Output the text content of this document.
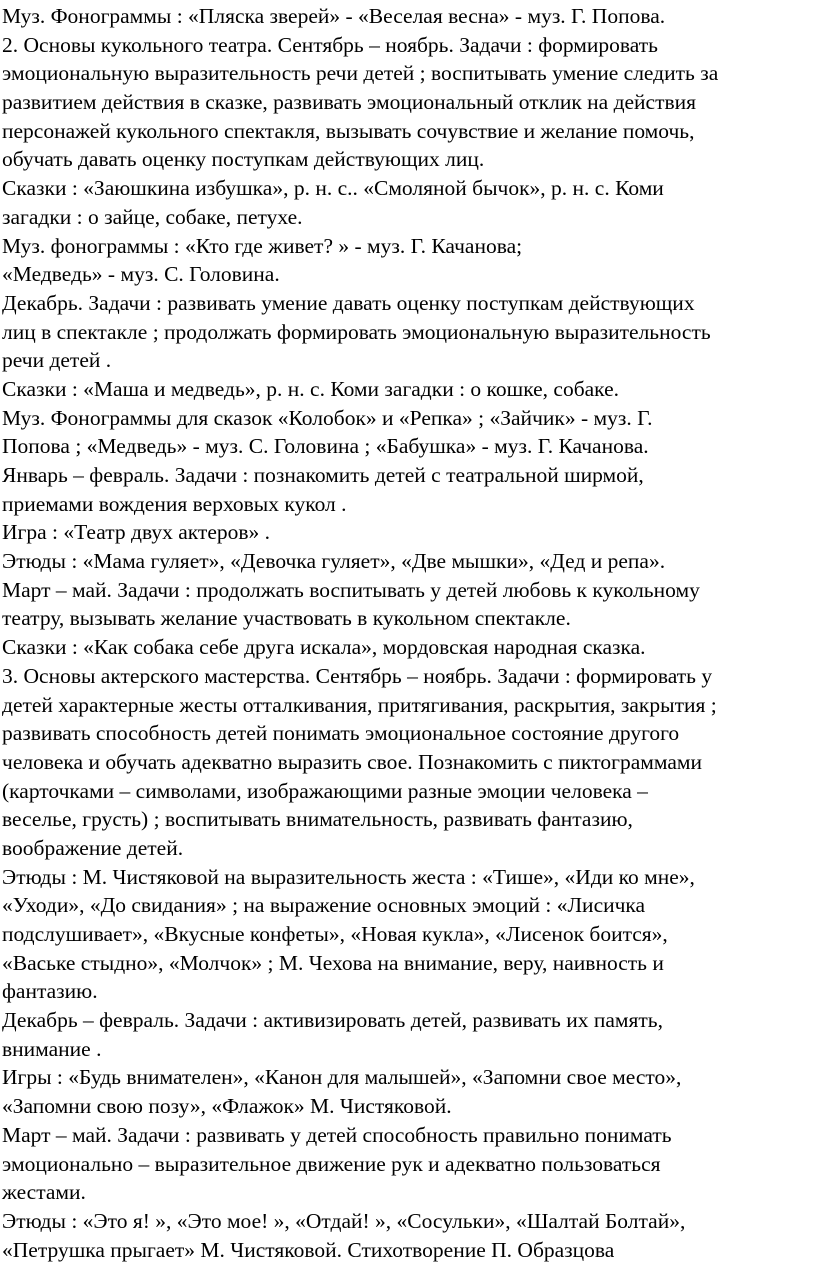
Муз. Фонограммы : «Пляска зверей» - «Веселая весна» - муз. Г. Попова.
2. Основы кукольного театра. Сентябрь – ноябрь. Задачи : формировать
эмоциональную выразительность речи детей ; воспитывать умение следить за
развитием действия в сказке, развивать эмоциональный отклик на действия
персонажей кукольного спектакля, вызывать сочувствие и желание помочь,
обучать давать оценку поступкам действующих лиц.
Сказки : «Заюшкина избушка», р. н. с.. «Смоляной бычок», р. н. с. Коми
загадки : о зайце, собаке, петухе.
Муз. фонограммы : «Кто где живет? » - муз. Г. Качанова;
«Медведь» - муз. С. Головина.
Декабрь. Задачи : развивать умение давать оценку поступкам действующих
лиц в спектакле ; продолжать формировать эмоциональную выразительность
речи детей .
Сказки : «Маша и медведь», р. н. с. Коми загадки : о кошке, собаке.
Муз. Фонограммы для сказок «Колобок» и «Репка» ; «Зайчик» - муз. Г.
Попова ; «Медведь» - муз. С. Головина ; «Бабушка» - муз. Г. Качанова.
Январь – февраль. Задачи : познакомить детей с театральной ширмой,
приемами вождения верховых кукол .
Игра : «Театр двух актеров» .
Этюды : «Мама гуляет», «Девочка гуляет», «Две мышки», «Дед и репа».
Март – май. Задачи : продолжать воспитывать у детей любовь к кукольному
театру, вызывать желание участвовать в кукольном спектакле.
Сказки : «Как собака себе друга искала», мордовская народная сказка.
3. Основы актерского мастерства. Сентябрь – ноябрь. Задачи : формировать у
детей характерные жесты отталкивания, притягивания, раскрытия, закрытия ;
развивать способность детей понимать эмоциональное состояние другого
человека и обучать адекватно выразить свое. Познакомить с пиктограммами
(карточками – символами, изображающими разные эмоции человека –
веселье, грусть) ; воспитывать внимательность, развивать фантазию,
воображение детей.
Этюды : М. Чистяковой на выразительность жеста : «Тише», «Иди ко мне»,
«Уходи», «До свидания» ; на выражение основных эмоций : «Лисичка
подслушивает», «Вкусные конфеты», «Новая кукла», «Лисенок боится»,
«Ваське стыдно», «Молчок» ; М. Чехова на внимание, веру, наивность и
фантазию.
Декабрь – февраль. Задачи : активизировать детей, развивать их память,
внимание .
Игры : «Будь внимателен», «Канон для малышей», «Запомни свое место»,
«Запомни свою позу», «Флажок» М. Чистяковой.
Март – май. Задачи : развивать у детей способность правильно понимать
эмоционально – выразительное движение рук и адекватно пользоваться
жестами.
Этюды : «Это я! », «Это мое! », «Отдай! », «Сосульки», «Шалтай Болтай»,
«Петрушка прыгает» М. Чистяковой. Стихотворение П. Образцова
